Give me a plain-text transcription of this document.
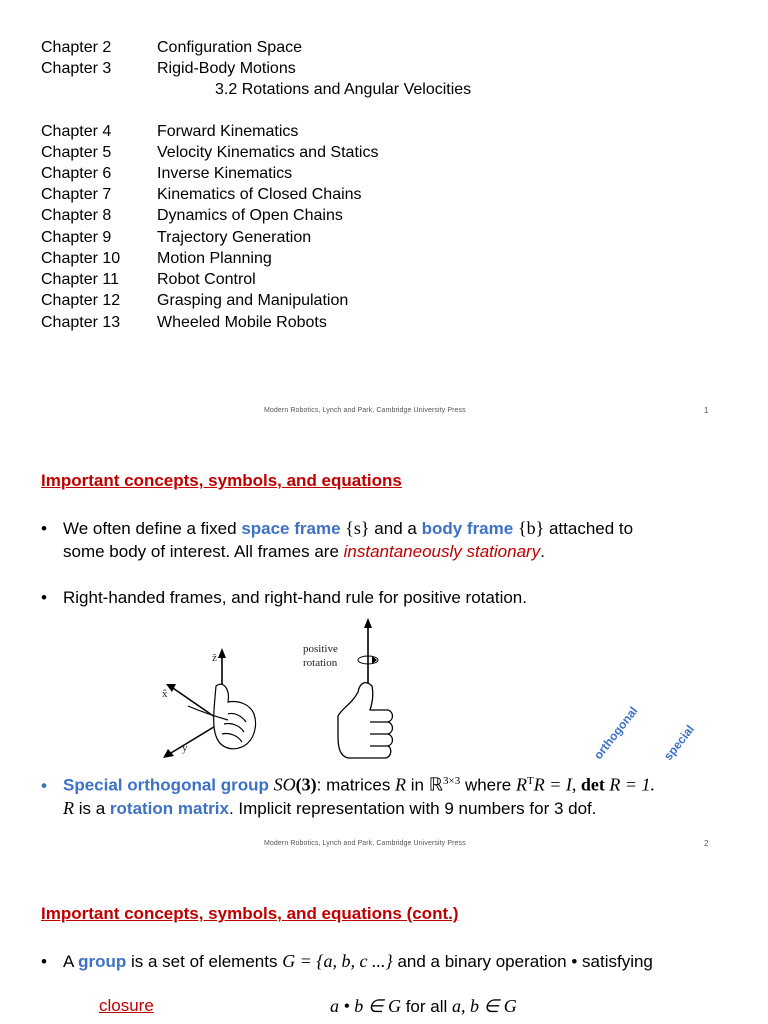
Chapter 2	Configuration Space
Chapter 3	Rigid-Body Motions
3.2 Rotations and Angular Velocities
Chapter 4	Forward Kinematics
Chapter 5	Velocity Kinematics and Statics
Chapter 6	Inverse Kinematics
Chapter 7	Kinematics of Closed Chains
Chapter 8	Dynamics of Open Chains
Chapter 9	Trajectory Generation
Chapter 10 Motion Planning
Chapter 11 Robot Control
Chapter 12 Grasping and Manipulation
Chapter 13 Wheeled Mobile Robots
Modern Robotics, Lynch and Park, Cambridge University Press	1
Important concepts, symbols, and equations
• We often define a fixed space frame {s} and a body frame {b} attached to
some body of interest. All frames are instantaneously stationary.
• Right-handed frames, and right-hand rule for positive rotation.
ẑ
x̂
ŷ
positive
rotation
orthogonal special
• Special orthogonal group SO(3): matrices R in ℝ$^{3\times 3}$ where $R^TR = I$, det R = 1.
R is a rotation matrix. Implicit representation with 9 numbers for 3 dof.
Modern Robotics, Lynch and Park, Cambridge University Press	2
Important concepts, symbols, and equations (cont.)
• A group is a set of elements G = {a, b, c ...} and a binary operation • satisfying
closure	a • b ∈ G for all a, b ∈ G
